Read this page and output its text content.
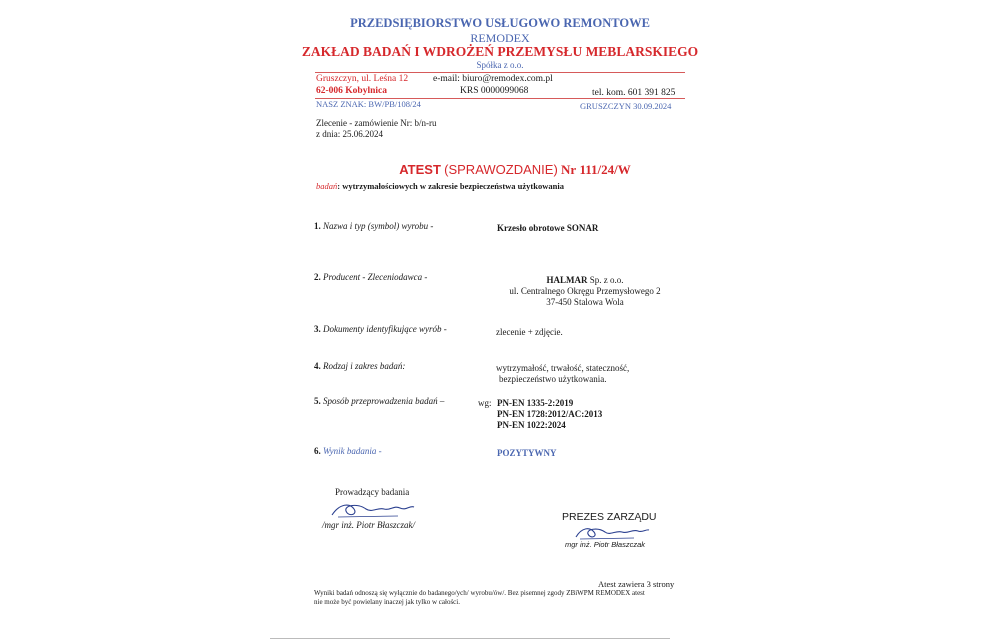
PRZEDSIĘBIORSTWO USŁUGOWO REMONTOWE
REMODEX
ZAKŁAD BADAŃ I WDROŻEŃ PRZEMYSŁU MEBLARSKIEGO
Spółka z o.o.
Gruszczyn, ul. Leśna 12
62-006 Kobylnica
e-mail: biuro@remodex.com.pl
KRS 0000099068	tel. kom. 601 391 825
NASZ ZNAK: BW/PB/108/24	GRUSZCZYN 30.09.2024
Zlecenie - zamówienie Nr: b/n-ru
z dnia: 25.06.2024
ATEST (SPRAWOZDANIE) Nr 111/24/W
badań: wytrzymałościowych w zakresie bezpieczeństwa użytkowania
1. Nazwa i typ (symbol) wyrobu -	Krzesło obrotowe SONAR
2. Producent - Zleceniodawca -	HALMAR Sp. z o.o.
ul. Centralnego Okręgu Przemysłowego 2
37-450 Stalowa Wola
3. Dokumenty identyfikujące wyrób -	zlecenie + zdjęcie.
4. Rodzaj i zakres badań:	wytrzymałość, trwałość, stateczność,
bezpieczeństwo użytkowania.
5. Sposób przeprowadzenia badań –	wg: PN-EN 1335-2:2019
PN-EN 1728:2012/AC:2013
PN-EN 1022:2024
6. Wynik badania -	POZYTYWNY
Prowadzący badania
/mgr inż. Piotr Błaszczak/
PREZES ZARZĄDU
mgr inż. Piotr Błaszczak
Atest zawiera 3 strony
Wyniki badań odnoszą się wyłącznie do badanego/ych/ wyrobu/ów/. Bez pisemnej zgody ZBiWPM REMODEX atest
nie może być powielany inaczej jak tylko w całości.
